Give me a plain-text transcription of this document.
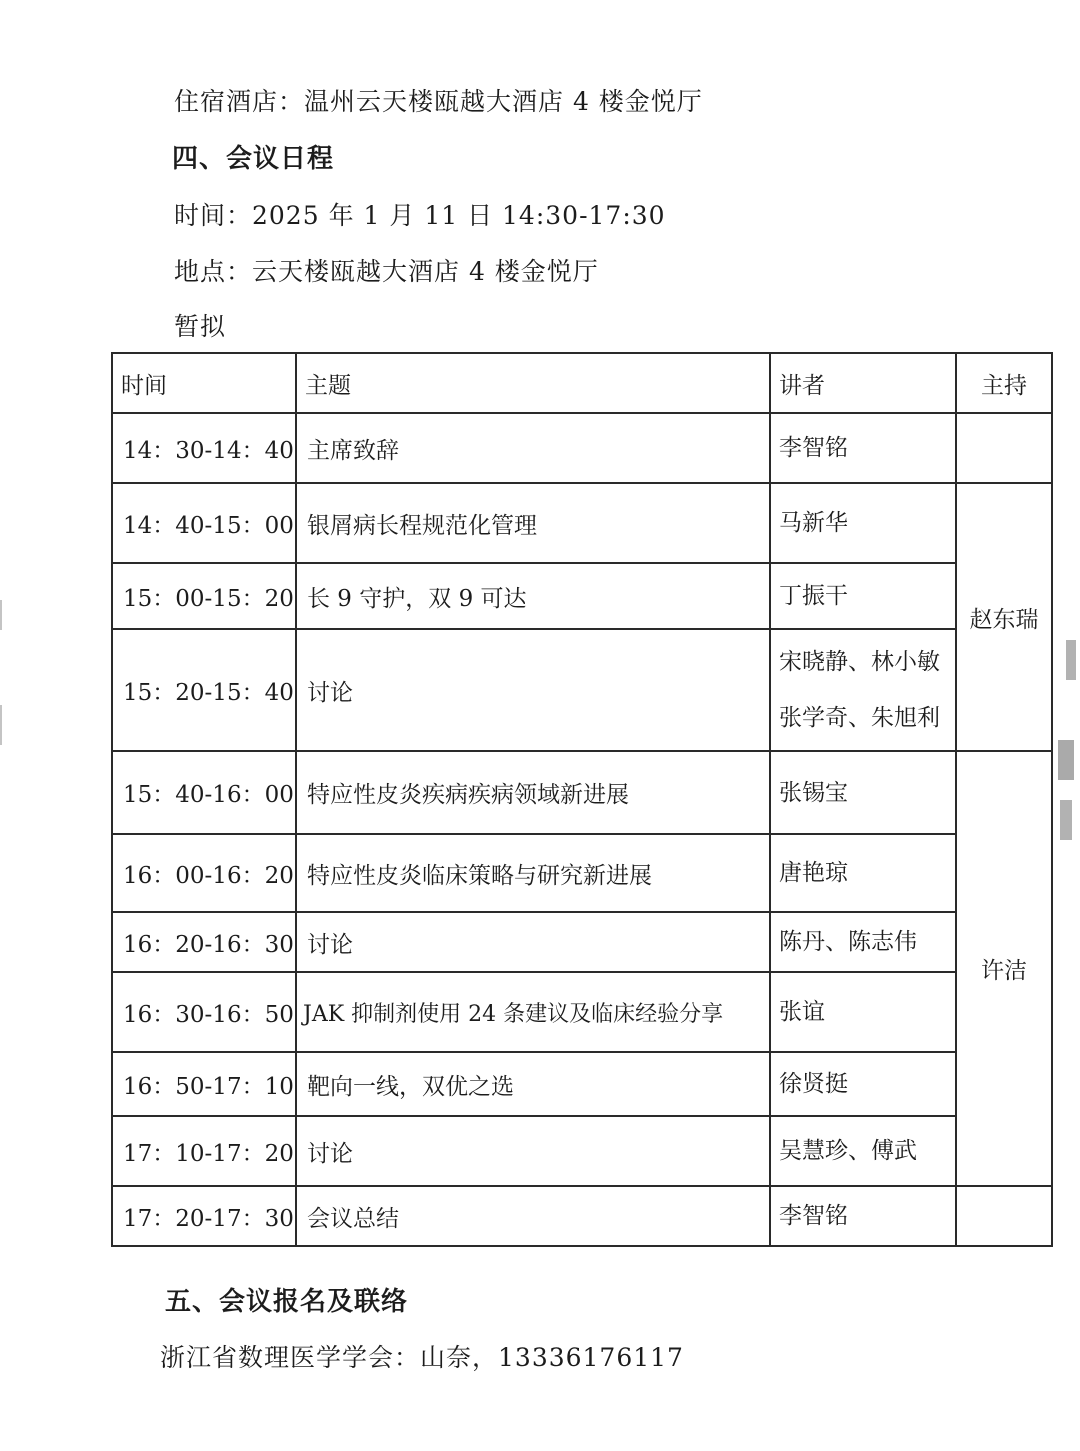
住宿酒店：温州云天楼瓯越大酒店 4 楼金悦厅
四、会议日程
时间：2025 年 1 月 11 日 14:30-17:30
地点：云天楼瓯越大酒店 4 楼金悦厅
暂拟
时间	主题	讲者	主持
14：30-14：40	主席致辞	李智铭	
14：40-15：00	银屑病长程规范化管理	马新华	赵东瑞
15：00-15：20	长 9 守护，双 9 可达	丁振干	
15：20-15：40	讨论	宋晓静、林小敏
张学奇、朱旭利	

15：40-16：00	特应性皮炎疾病疾病领域新进展	张锡宝	许洁
16：00-16：20	特应性皮炎临床策略与研究新进展	唐艳琼	
16：20-16：30	讨论	陈丹、陈志伟	
16：30-16：50	JAK 抑制剂使用 24 条建议及临床经验分享	张谊	
16：50-17：10	靶向一线，双优之选	徐贤挺	
17：10-17：20	讨论	吴慧珍、傅武	
17：20-17：30	会议总结	李智铭	
五、会议报名及联络
浙江省数理医学学会：山奈，13336176117
